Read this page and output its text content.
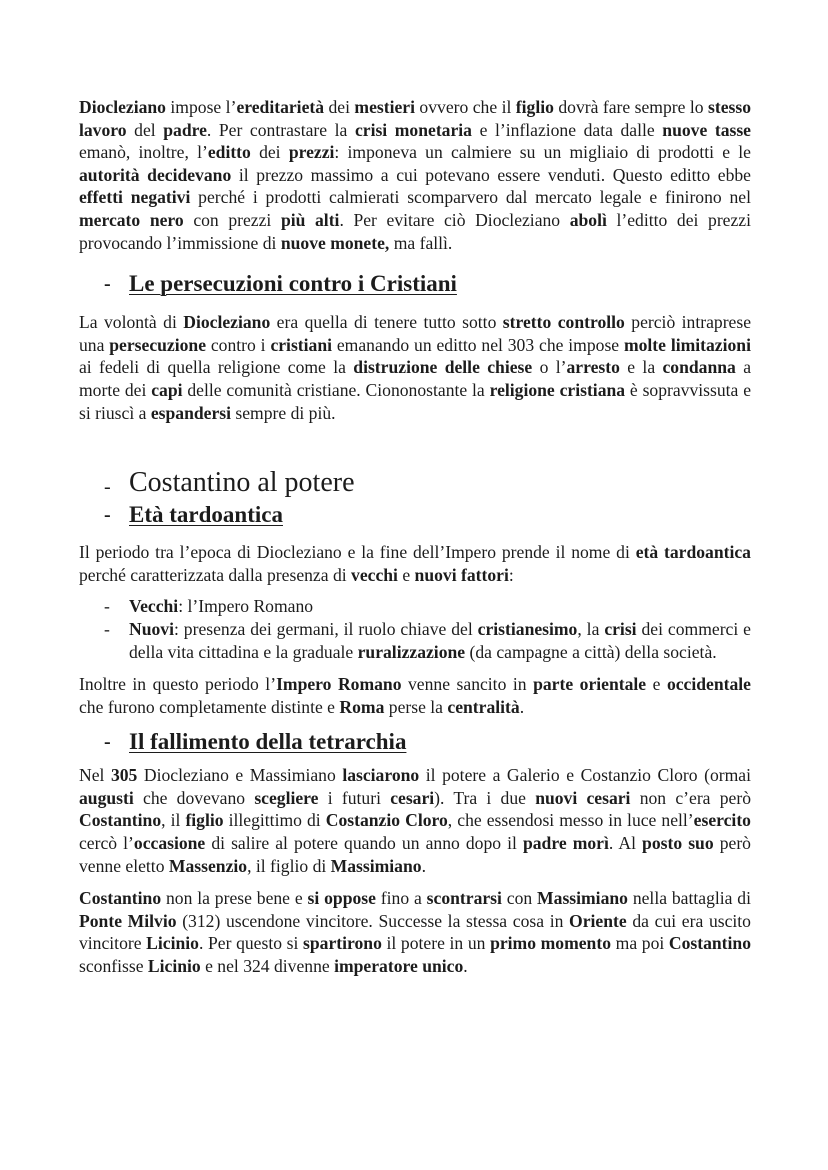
Diocleziano impose l’ereditarietà dei mestieri ovvero che il figlio dovrà fare sempre lo stesso lavoro del padre. Per contrastare la crisi monetaria e l’inflazione data dalle nuove tasse emanò, inoltre, l’editto dei prezzi: imponeva un calmiere su un migliaio di prodotti e le autorità decidevano il prezzo massimo a cui potevano essere venduti. Questo editto ebbe effetti negativi perché i prodotti calmierati scomparvero dal mercato legale e finirono nel mercato nero con prezzi più alti. Per evitare ciò Diocleziano abolì l’editto dei prezzi provocando l’immissione di nuove monete, ma fallì.

- Le persecuzioni contro i Cristiani

La volontà di Diocleziano era quella di tenere tutto sotto stretto controllo perciò intraprese una persecuzione contro i cristiani emanando un editto nel 303 che impose molte limitazioni ai fedeli di quella religione come la distruzione delle chiese o l’arresto e la condanna a morte dei capi delle comunità cristiane. Ciononostante la religione cristiana è sopravvissuta e si riuscì a espandersi sempre di più.

- Costantino al potere
- Età tardoantica

Il periodo tra l’epoca di Diocleziano e la fine dell’Impero prende il nome di età tardoantica perché caratterizzata dalla presenza di vecchi e nuovi fattori:

- Vecchi: l’Impero Romano
- Nuovi: presenza dei germani, il ruolo chiave del cristianesimo, la crisi dei commerci e della vita cittadina e la graduale ruralizzazione (da campagne a città) della società.

Inoltre in questo periodo l’Impero Romano venne sancito in parte orientale e occidentale che furono completamente distinte e Roma perse la centralità.

- Il fallimento della tetrarchia

Nel 305 Diocleziano e Massimiano lasciarono il potere a Galerio e Costanzio Cloro (ormai augusti che dovevano scegliere i futuri cesari). Tra i due nuovi cesari non c’era però Costantino, il figlio illegittimo di Costanzio Cloro, che essendosi messo in luce nell’esercito cercò l’occasione di salire al potere quando un anno dopo il padre morì. Al posto suo però venne eletto Massenzio, il figlio di Massimiano.

Costantino non la prese bene e si oppose fino a scontrarsi con Massimiano nella battaglia di Ponte Milvio (312) uscendone vincitore. Successe la stessa cosa in Oriente da cui era uscito vincitore Licinio. Per questo si spartirono il potere in un primo momento ma poi Costantino sconfisse Licinio e nel 324 divenne imperatore unico.
